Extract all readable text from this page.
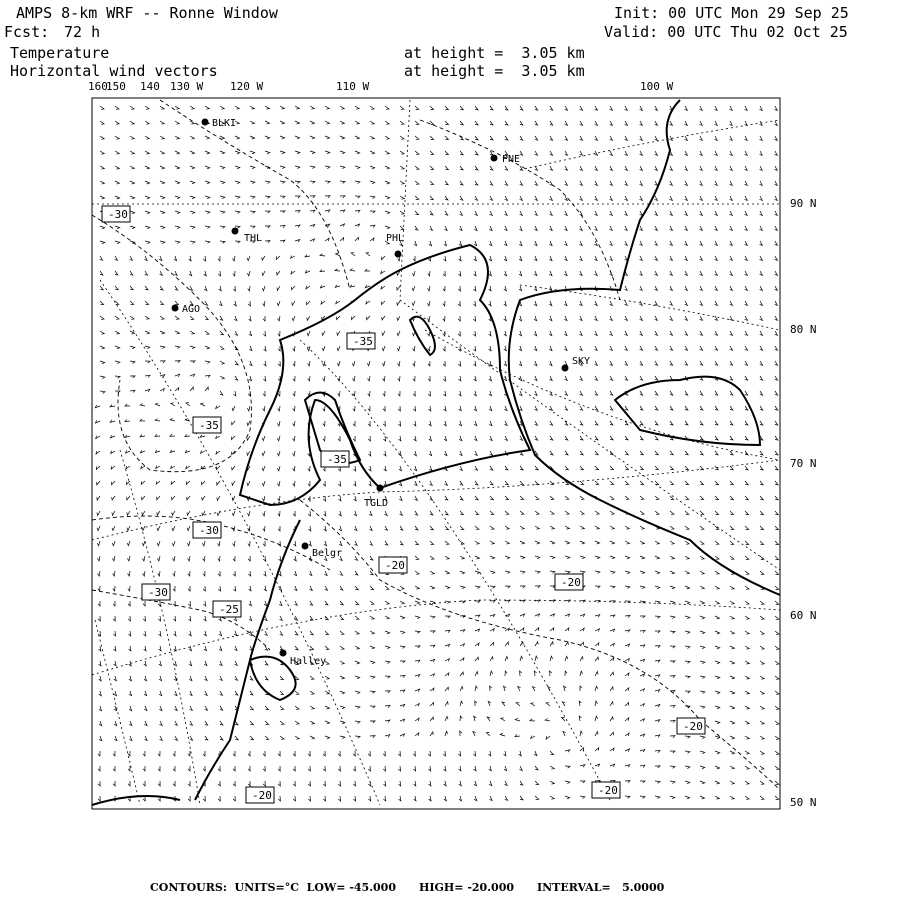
AMPS 8-km WRF -- Ronne Window
Fcst: 72 h
Temperature
Horizontal wind vectors
at height =  3.05 km
at height =  3.05 km
Init: 00 UTC Mon 29 Sep 25
Valid: 00 UTC Thu 02 Oct 25
160
150 140 130 W 120 W	110 W	100 W
90 N
80 N
70 N
60 N
50 N
BLKI
PNE
THL	PHL
AGO
SKY
TGLD
Belgr
Halley
-30
-35
-35
-35
-30
-30
-25
-20
-20
-20
-20	-20
CONTOURS:  UNITS=°C  LOW= -45.000      HIGH= -20.000      INTERVAL=   5.0000
